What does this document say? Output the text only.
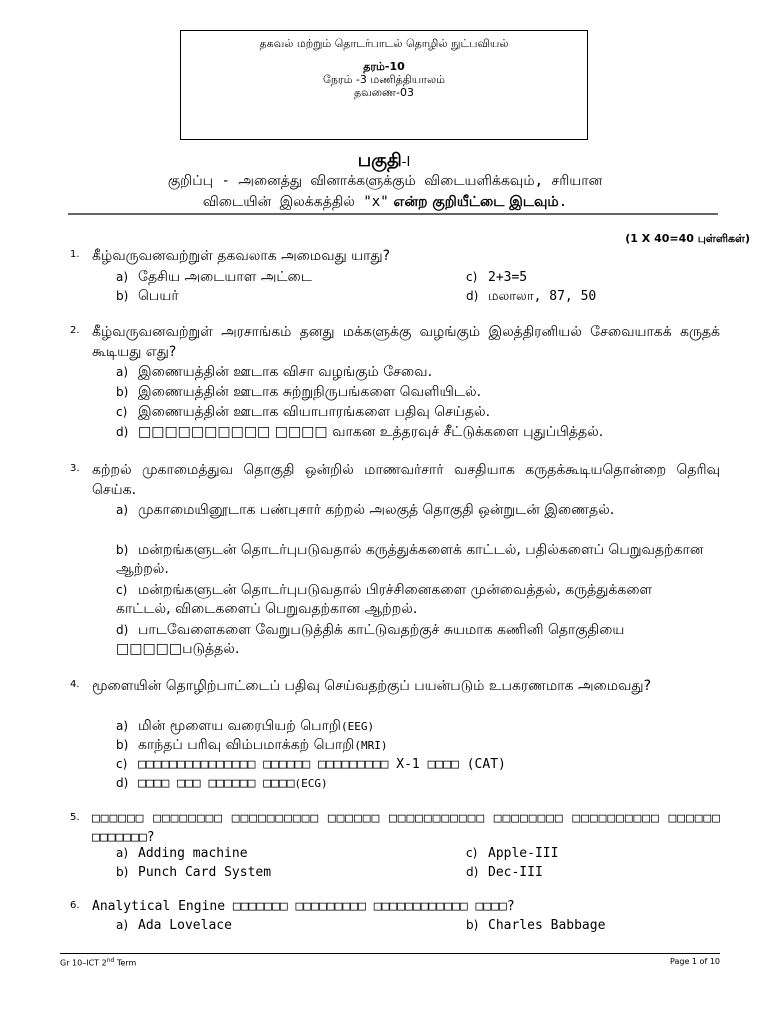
தகவல் மற்றும் தொடர்பாடல் தொழில் நுட்பவியல்
தரம்-10
நேரம் -3 மணித்தியாலம்
தவணை-03
பகுதி-I
குறிப்பு - அனைத்து வினாக்களுக்கும் விடையளிக்கவும், சரியான
விடையின் இலக்கத்தில் "x" என்ற குறியீட்டை இடவும்.
(1 X 40=40 புள்ளிகள்)
1. கீழ்வருவனவற்றுள் தகவலாக அமைவது யாது?
a) தேசிய அடையாள அட்டை
b) பெயர்
c) 2+3=5
d) மலாலா, 87, 50
2. கீழ்வருவனவற்றுள் அரசாங்கம் தனது மக்களுக்கு வழங்கும் இலத்திரனியல் சேவையாகக் கருதக் கூடியது எது?
a) இணையத்தின் ஊடாக விசா வழங்கும் சேவை.
b) இணையத்தின் ஊடாக சுற்றுநிருபங்களை வெளியிடல்.
c) இணையத்தின் ஊடாக வியாபாரங்களை பதிவு செய்தல்.
d) □□□□□□□□□□ □□□□ வாகன உத்தரவுச் சீட்டுக்களை புதுப்பித்தல்.
3. கற்றல் முகாமைத்துவ தொகுதி ஒன்றில் மாணவர்சார் வசதியாக கருதக்கூடியதொன்றை தெரிவு செய்க.
a) முகாமையினூடாக பண்புசார் கற்றல் அலகுத் தொகுதி ஒன்றுடன் இணைதல்.
b) மன்றங்களுடன் தொடர்புபடுவதால் கருத்துக்களைக் காட்டல், பதில்களைப் பெறுவதற்கான ஆற்றல்.
c) மன்றங்களுடன் தொடர்புபடுவதால் பிரச்சினைகளை முன்வைத்தல், கருத்துக்களை காட்டல், விடைகளைப் பெறுவதற்கான ஆற்றல்.
d) பாடவேளைகளை வேறுபடுத்திக் காட்டுவதற்குச் சுயமாக கணினி தொகுதியை □□□□□படுத்தல்.
4. மூளையின் தொழிற்பாட்டைப் பதிவு செய்வதற்குப் பயன்படும் உபகரணமாக அமைவது?
a) மின் மூளைய வரைபியற் பொறி(EEG)
b) காந்தப் பரிவு விம்பமாக்கற் பொறி(MRI)
c) □□□□□□□□□□□□□□□ □□□□□□ □□□□□□□□□ X-1 □□□□ (CAT)
d) □□□□ □□□ □□□□□□ □□□□(ECG)
5. □□□□□□ □□□□□□□□ □□□□□□□□□□ □□□□□□ □□□□□□□□□□□ □□□□□□□□ □□□□□□□□□□ □□□□□□ □□□□□□□?
a) Adding machine
b) Punch Card System
c) Apple-III
d) Dec-III
6. Analytical Engine □□□□□□□ □□□□□□□□□ □□□□□□□□□□□□ □□□□?
a) Ada Lovelace	b) Charles Babbage
Gr 10–ICT 2nd Term	Page 1 of 10
